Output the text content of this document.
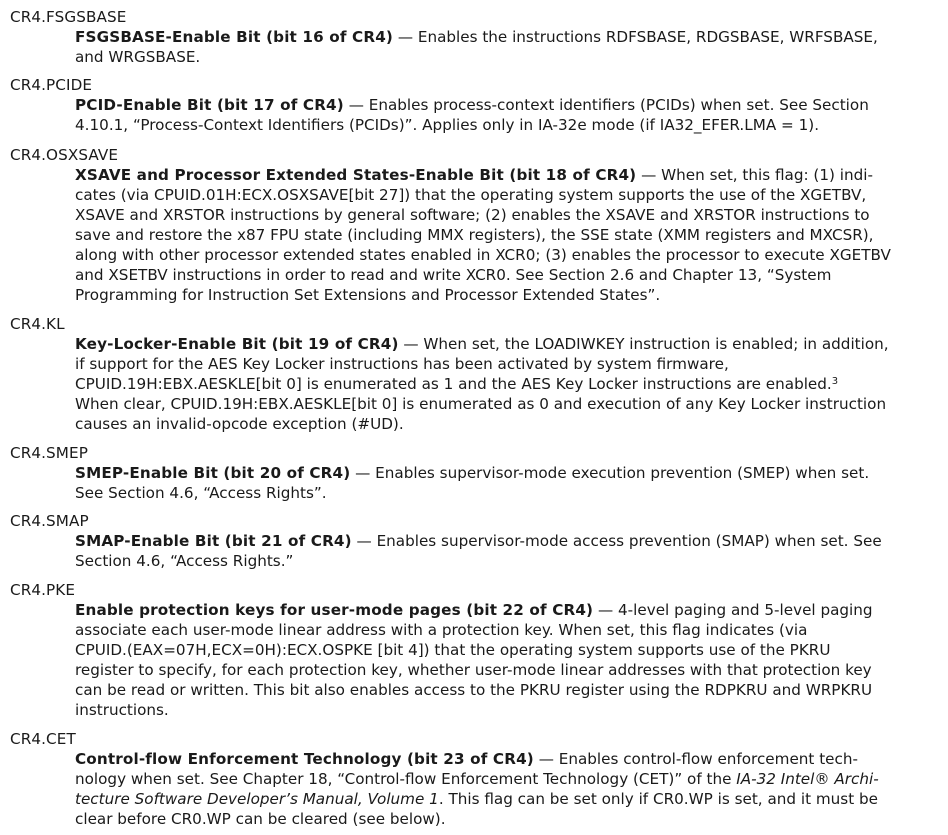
CR4.FSGSBASE
FSGSBASE-Enable Bit (bit 16 of CR4) — Enables the instructions RDFSBASE, RDGSBASE, WRFSBASE,
and WRGSBASE.
CR4.PCIDE
PCID-Enable Bit (bit 17 of CR4) — Enables process-context identifiers (PCIDs) when set. See Section
4.10.1, “Process-Context Identifiers (PCIDs)”. Applies only in IA-32e mode (if IA32_EFER.LMA = 1).
CR4.OSXSAVE
XSAVE and Processor Extended States-Enable Bit (bit 18 of CR4) — When set, this flag: (1) indi-
cates (via CPUID.01H:ECX.OSXSAVE[bit 27]) that the operating system supports the use of the XGETBV,
XSAVE and XRSTOR instructions by general software; (2) enables the XSAVE and XRSTOR instructions to
save and restore the x87 FPU state (including MMX registers), the SSE state (XMM registers and MXCSR),
along with other processor extended states enabled in XCR0; (3) enables the processor to execute XGETBV
and XSETBV instructions in order to read and write XCR0. See Section 2.6 and Chapter 13, “System
Programming for Instruction Set Extensions and Processor Extended States”.
CR4.KL
Key-Locker-Enable Bit (bit 19 of CR4) — When set, the LOADIWKEY instruction is enabled; in addition,
if support for the AES Key Locker instructions has been activated by system firmware,
CPUID.19H:EBX.AESKLE[bit 0] is enumerated as 1 and the AES Key Locker instructions are enabled.$^3$
When clear, CPUID.19H:EBX.AESKLE[bit 0] is enumerated as 0 and execution of any Key Locker instruction
causes an invalid-opcode exception (#UD).
CR4.SMEP
SMEP-Enable Bit (bit 20 of CR4) — Enables supervisor-mode execution prevention (SMEP) when set.
See Section 4.6, “Access Rights”.
CR4.SMAP
SMAP-Enable Bit (bit 21 of CR4) — Enables supervisor-mode access prevention (SMAP) when set. See
Section 4.6, “Access Rights.”
CR4.PKE
Enable protection keys for user-mode pages (bit 22 of CR4) — 4-level paging and 5-level paging
associate each user-mode linear address with a protection key. When set, this flag indicates (via
CPUID.(EAX=07H,ECX=0H):ECX.OSPKE [bit 4]) that the operating system supports use of the PKRU
register to specify, for each protection key, whether user-mode linear addresses with that protection key
can be read or written. This bit also enables access to the PKRU register using the RDPKRU and WRPKRU
instructions.
CR4.CET
Control-flow Enforcement Technology (bit 23 of CR4) — Enables control-flow enforcement tech-
nology when set. See Chapter 18, “Control-flow Enforcement Technology (CET)” of the IA-32 Intel® Archi-
tecture Software Developer’s Manual, Volume 1. This flag can be set only if CR0.WP is set, and it must be
clear before CR0.WP can be cleared (see below).
